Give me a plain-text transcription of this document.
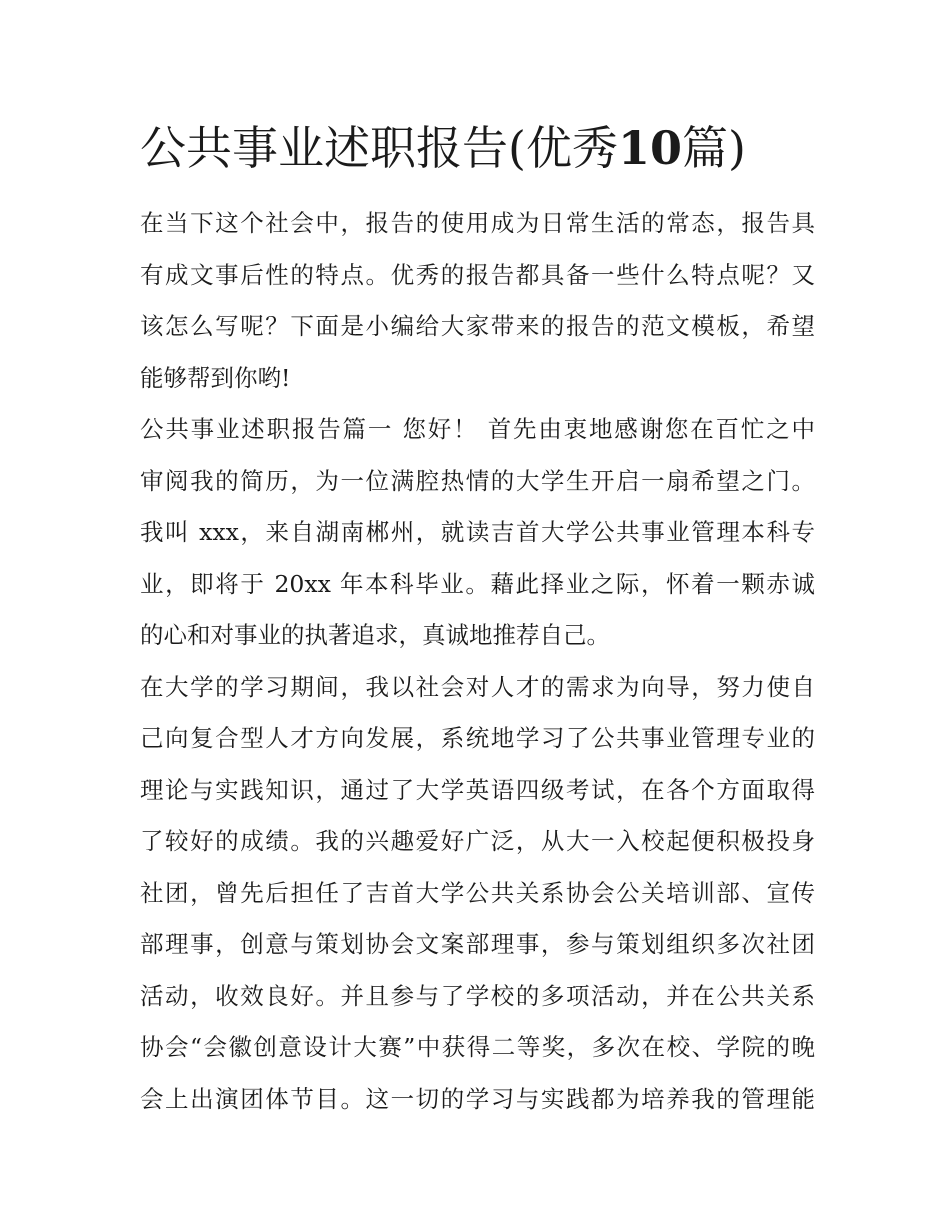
公共事业述职报告(优秀10篇)
在当下这个社会中，报告的使用成为日常生活的常态，报告具
有成文事后性的特点。优秀的报告都具备一些什么特点呢？又
该怎么写呢？下面是小编给大家带来的报告的范文模板，希望
能够帮到你哟!
公共事业述职报告篇一 您好！ 首先由衷地感谢您在百忙之中
审阅我的简历，为一位满腔热情的大学生开启一扇希望之门。
我叫 xxx，来自湖南郴州，就读吉首大学公共事业管理本科专
业，即将于 20xx 年本科毕业。藉此择业之际，怀着一颗赤诚
的心和对事业的执著追求，真诚地推荐自己。
在大学的学习期间，我以社会对人才的需求为向导，努力使自
己向复合型人才方向发展，系统地学习了公共事业管理专业的
理论与实践知识，通过了大学英语四级考试，在各个方面取得
了较好的成绩。我的兴趣爱好广泛，从大一入校起便积极投身
社团，曾先后担任了吉首大学公共关系协会公关培训部、宣传
部理事，创意与策划协会文案部理事，参与策划组织多次社团
活动，收效良好。并且参与了学校的多项活动，并在公共关系
协会“会徽创意设计大赛”中获得二等奖，多次在校、学院的晚
会上出演团体节目。这一切的学习与实践都为培养我的管理能
